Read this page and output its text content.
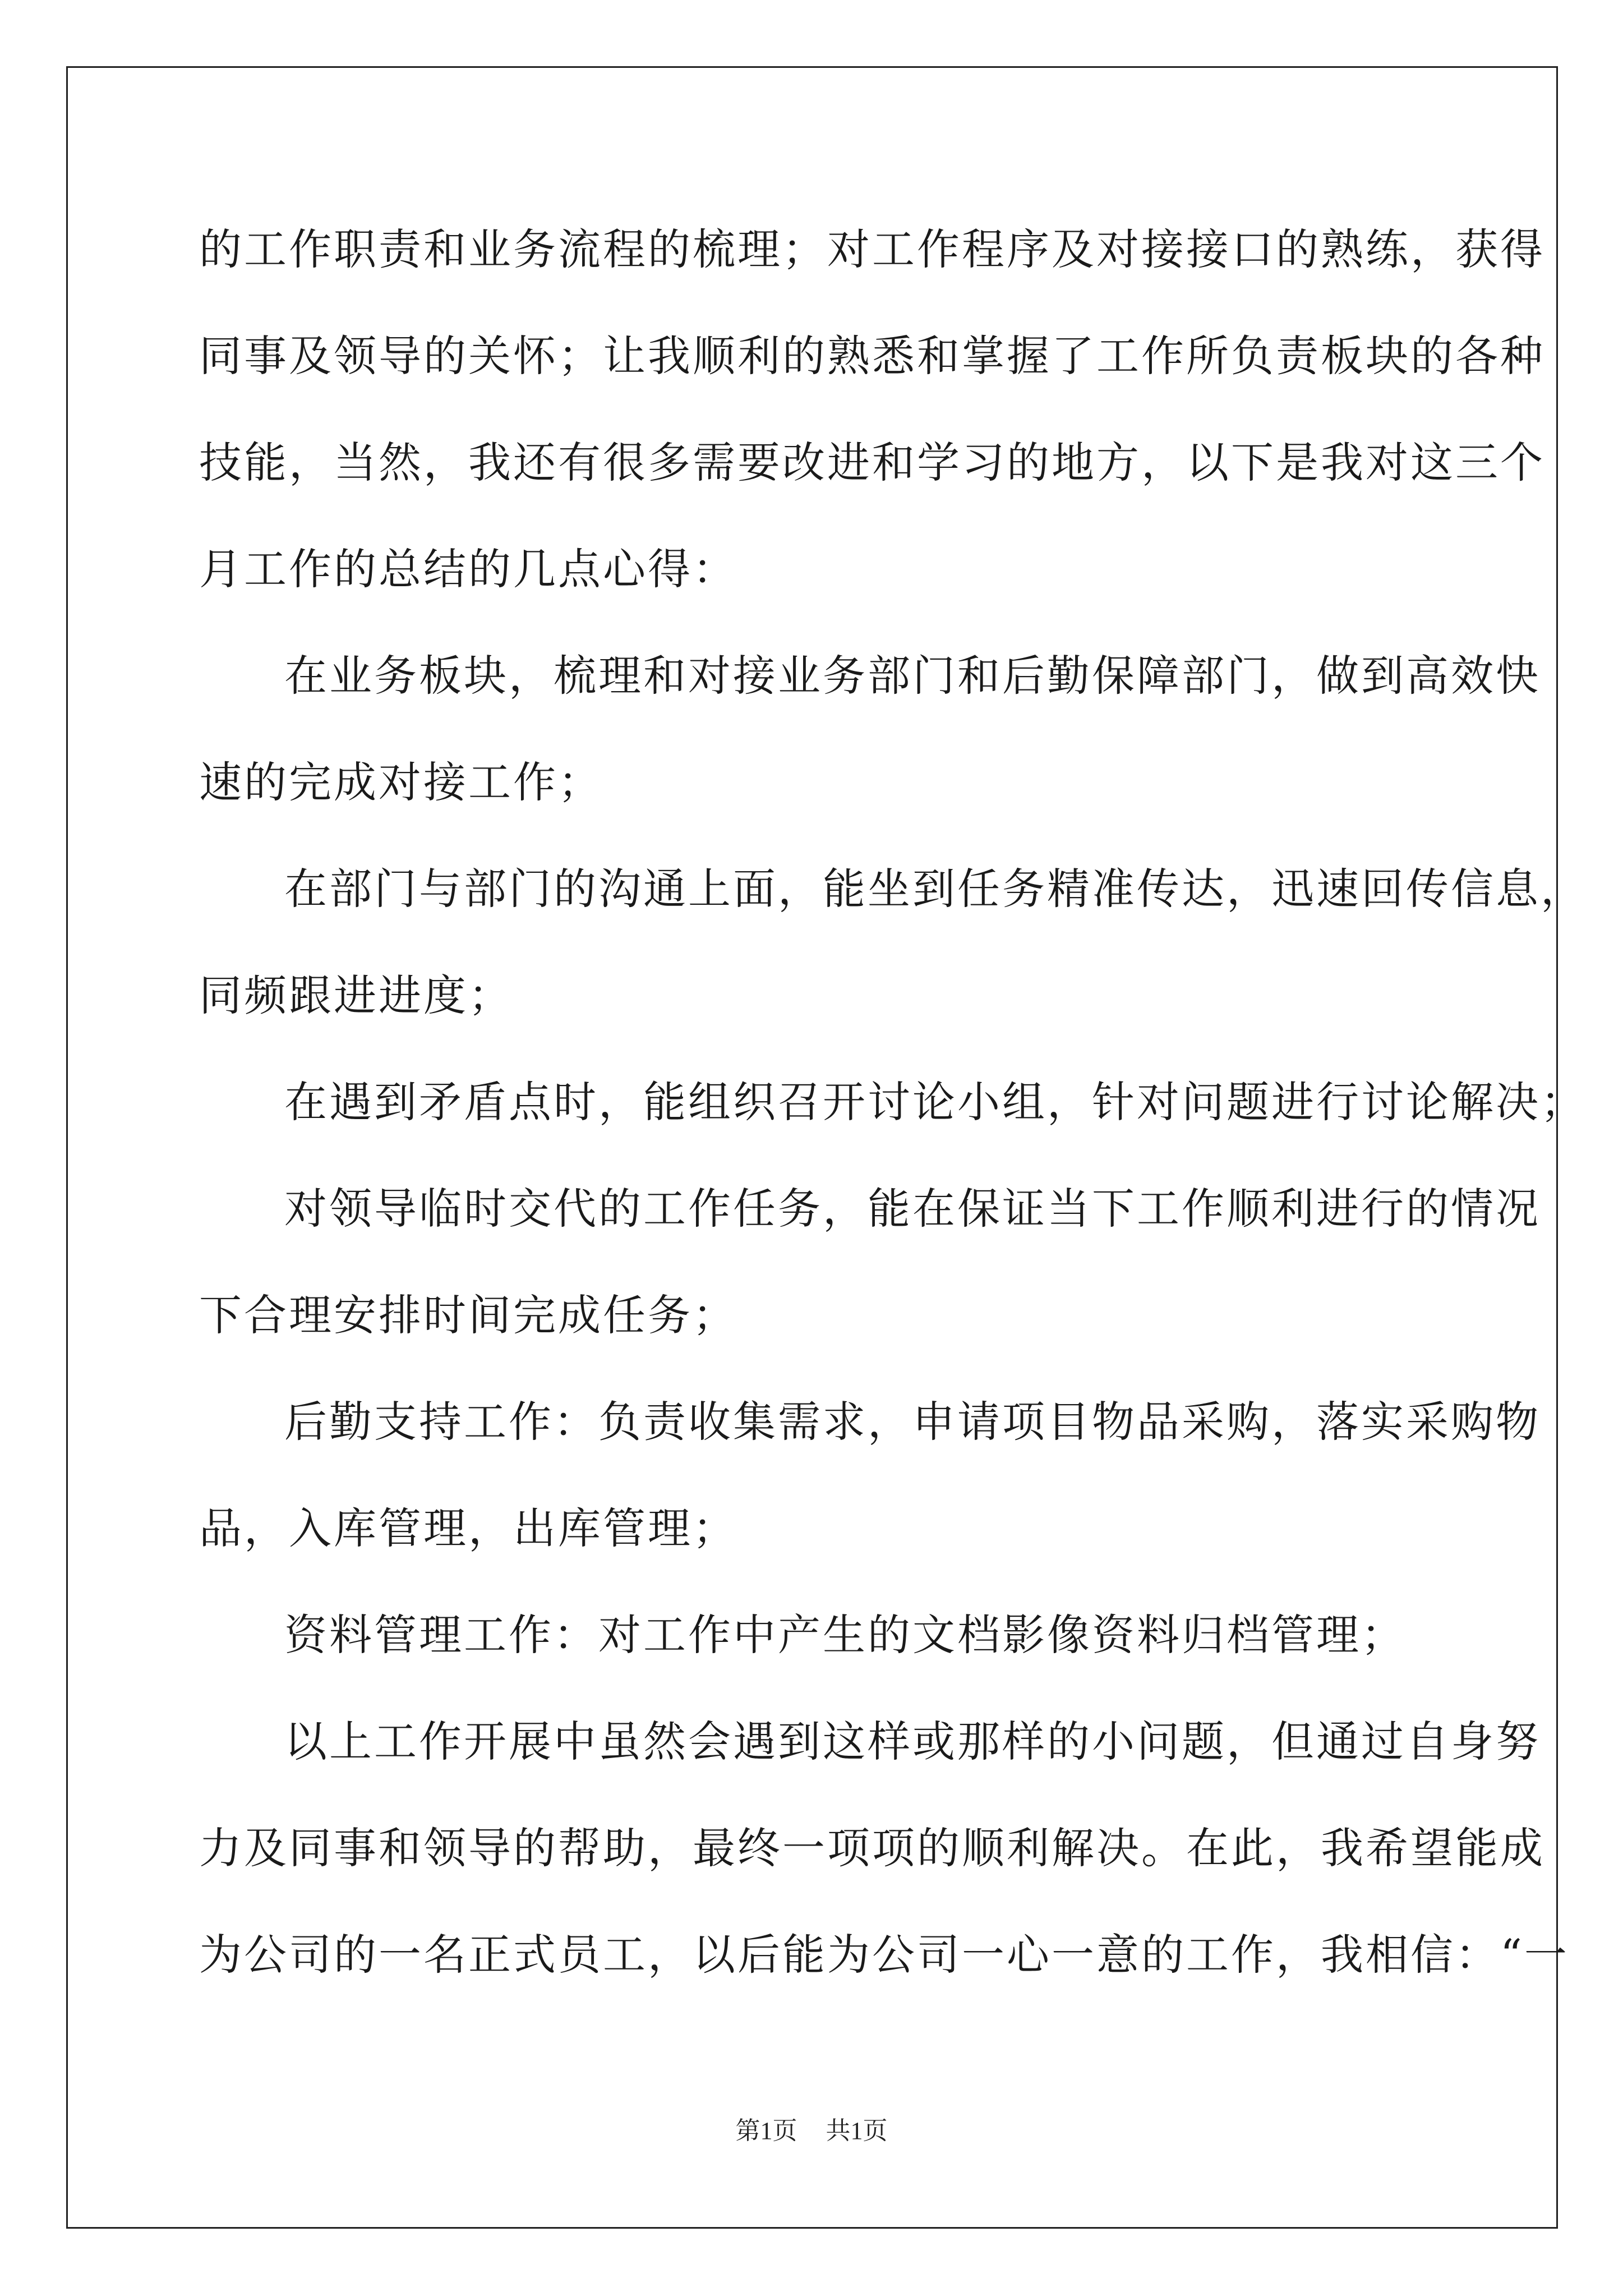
的工作职责和业务流程的梳理；对工作程序及对接接口的熟练，获得
同事及领导的关怀；让我顺利的熟悉和掌握了工作所负责板块的各种
技能，当然，我还有很多需要改进和学习的地方，以下是我对这三个
月工作的总结的几点心得：
在业务板块，梳理和对接业务部门和后勤保障部门，做到高效快
速的完成对接工作；
在部门与部门的沟通上面，能坐到任务精准传达，迅速回传信息，
同频跟进进度；
在遇到矛盾点时，能组织召开讨论小组，针对问题进行讨论解决；
对领导临时交代的工作任务，能在保证当下工作顺利进行的情况
下合理安排时间完成任务；
后勤支持工作：负责收集需求，申请项目物品采购，落实采购物
品，入库管理，出库管理；
资料管理工作：对工作中产生的文档影像资料归档管理；
以上工作开展中虽然会遇到这样或那样的小问题，但通过自身努
力及同事和领导的帮助，最终一项项的顺利解决。在此，我希望能成
为公司的一名正式员工，以后能为公司一心一意的工作，我相信：“一
第1页 共1页
